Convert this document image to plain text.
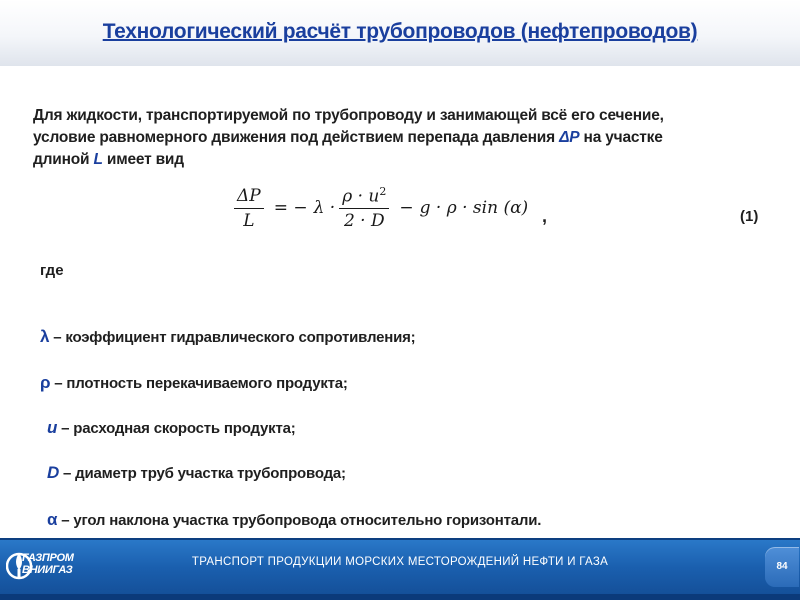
Технологический расчёт трубопроводов (нефтепроводов)
Для жидкости, транспортируемой по трубопроводу и занимающей всё его сечение,
условие равномерного движения под действием перепада давления ΔP на участке
длиной L имеет вид
$\frac{\Delta P}{L}$ = − $\lambda \cdot \frac{\rho \cdot u^2}{2 \cdot D} - g \cdot \rho \cdot \sin (\alpha)$ ,	(1)
где
λ – коэффициент гидравлического сопротивления;
ρ – плотность перекачиваемого продукта;
u – расходная скорость продукта;
D – диаметр труб участка трубопровода;
α – угол наклона участка трубопровода относительно горизонтали.
ГАЗПРОМ
ВНИИГАЗ
ТРАНСПОРТ ПРОДУКЦИИ МОРСКИХ МЕСТОРОЖДЕНИЙ НЕФТИ И ГАЗА	84
